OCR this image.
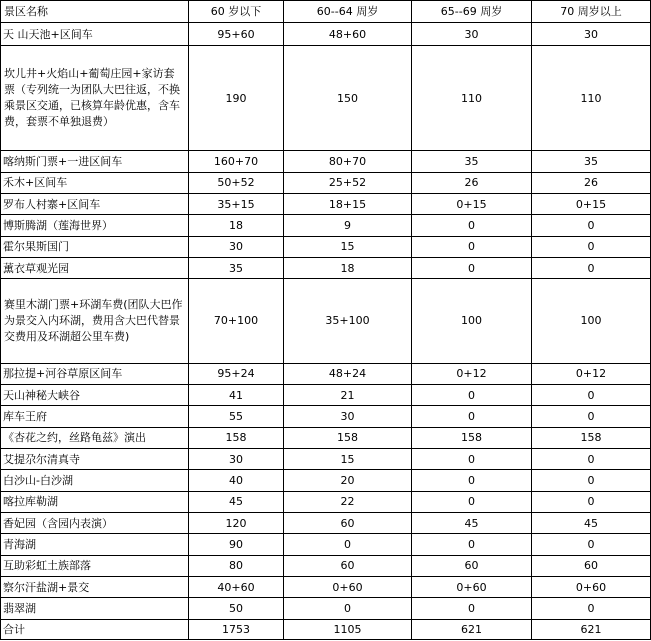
景区名称	60 岁以下	60--64 周岁	65--69 周岁	70 周岁以上
天 山天池+区间车	95+60	48+60	30	30
坎儿井+火焰山+葡萄庄园+家访套票（专列统一为团队大巴往返，不换乘景区交通，已核算年龄优惠，含车费，套票不单独退费）	190	150	110	110
喀纳斯门票+一进区间车	160+70	80+70	35	35
禾木+区间车	50+52	25+52	26	26
罗布人村寨+区间车	35+15	18+15	0+15	0+15
博斯腾湖（莲海世界）	18	9	0	0
霍尔果斯国门	30	15	0	0
薰衣草观光园	35	18	0	0
赛里木湖门票+环湖车费(团队大巴作为景交入内环湖，费用含大巴代替景交费用及环湖超公里车费)	70+100	35+100	100	100
那拉提+河谷草原区间车	95+24	48+24	0+12	0+12
天山神秘大峡谷	41	21	0	0
库车王府	55	30	0	0
《杏花之约，丝路龟兹》演出	158	158	158	158
艾提尕尔清真寺	30	15	0	0
白沙山-白沙湖	40	20	0	0
喀拉库勒湖	45	22	0	0
香妃园（含园内表演）	120	60	45	45
青海湖	90	0	0	0
互助彩虹土族部落	80	60	60	60
察尔汗盐湖+景交	40+60	0+60	0+60	0+60
翡翠湖	50	0	0	0
合计	1753	1105	621	621
